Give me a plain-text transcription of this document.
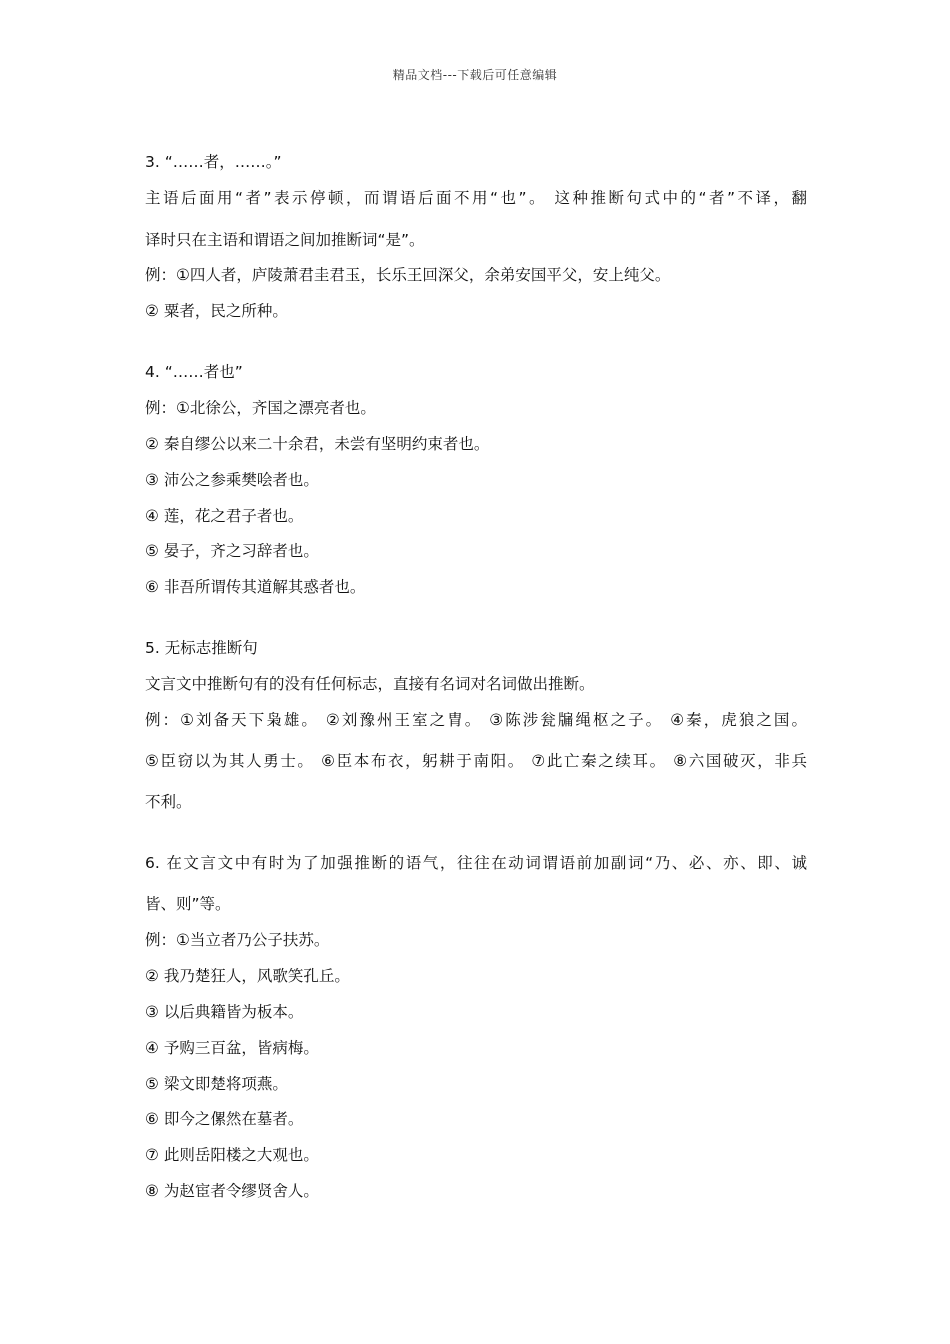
精品文档---下载后可任意编辑
3. “……者，……。”
主语后面用“者”表示停顿，而谓语后面不用“也”。 这种推断句式中的“者”不译，翻
译时只在主语和谓语之间加推断词“是”。
例：①四人者，庐陵萧君圭君玉，长乐王回深父，余弟安国平父，安上纯父。
② 粟者，民之所种。
4. “……者也”
例：①北徐公，齐国之漂亮者也。
② 秦自缪公以来二十余君，未尝有坚明约束者也。
③ 沛公之参乘樊哙者也。
④ 莲，花之君子者也。
⑤ 晏子，齐之习辞者也。
⑥ 非吾所谓传其道解其惑者也。
5. 无标志推断句
文言文中推断句有的没有任何标志，直接有名词对名词做出推断。
例：①刘备天下枭雄。 ②刘豫州王室之胄。 ③陈涉瓮牖绳枢之子。 ④秦，虎狼之国。
⑤臣窃以为其人勇士。 ⑥臣本布衣，躬耕于南阳。 ⑦此亡秦之续耳。 ⑧六国破灭，非兵
不利。
6. 在文言文中有时为了加强推断的语气，往往在动词谓语前加副词“乃、必、亦、即、诚
皆、则”等。
例：①当立者乃公子扶苏。
② 我乃楚狂人，风歌笑孔丘。
③ 以后典籍皆为板本。
④ 予购三百盆，皆病梅。
⑤ 梁文即楚将项燕。
⑥ 即今之傫然在墓者。
⑦ 此则岳阳楼之大观也。
⑧ 为赵宦者令缪贤舍人。
